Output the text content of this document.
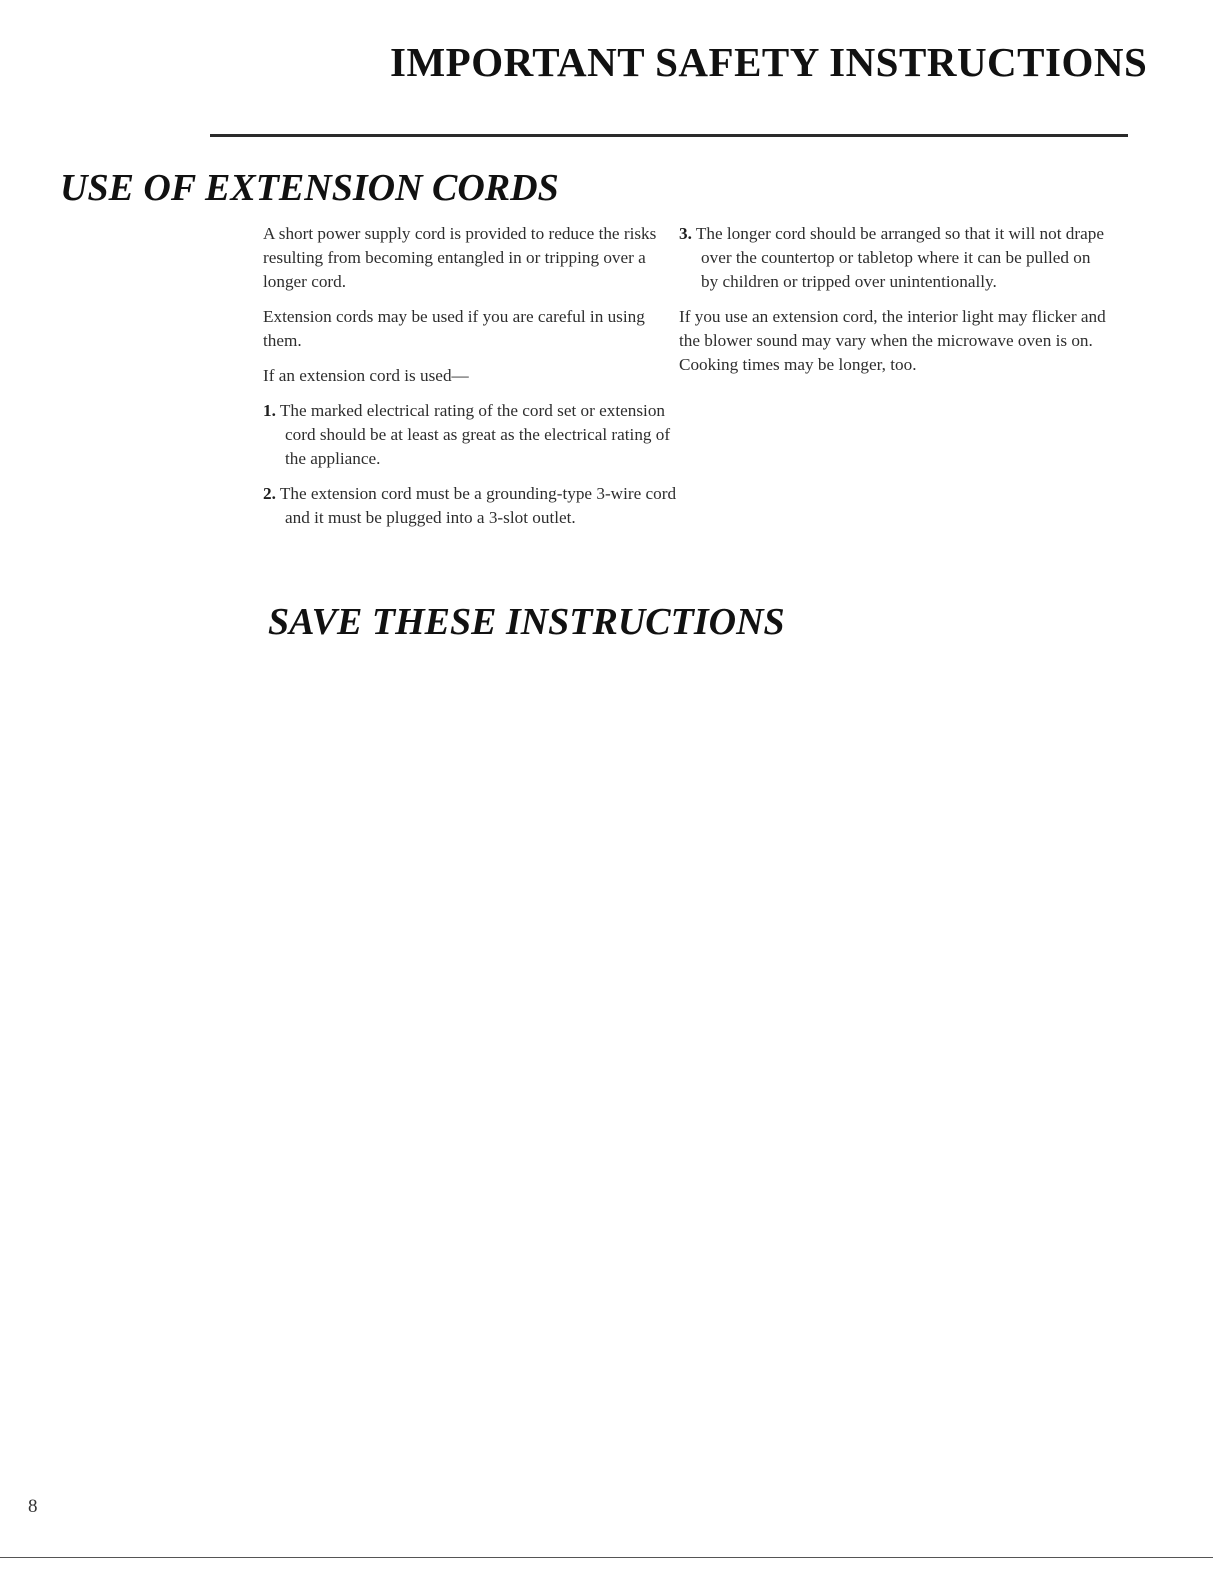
IMPORTANT SAFETY INSTRUCTIONS
USE OF EXTENSION CORDS

A short power supply cord is provided to reduce the risks resulting from becoming entangled in or tripping over a longer cord.

Extension cords may be used if you are careful in using them.

If an extension cord is used—

1. The marked electrical rating of the cord set or extension cord should be at least as great as the electrical rating of the appliance.
2. The extension cord must be a grounding-type 3-wire cord and it must be plugged into a 3-slot outlet.
3. The longer cord should be arranged so that it will not drape over the countertop or tabletop where it can be pulled on by children or tripped over unintentionally.

If you use an extension cord, the interior light may flicker and the blower sound may vary when the microwave oven is on. Cooking times may be longer, too.

SAVE THESE INSTRUCTIONS
8
